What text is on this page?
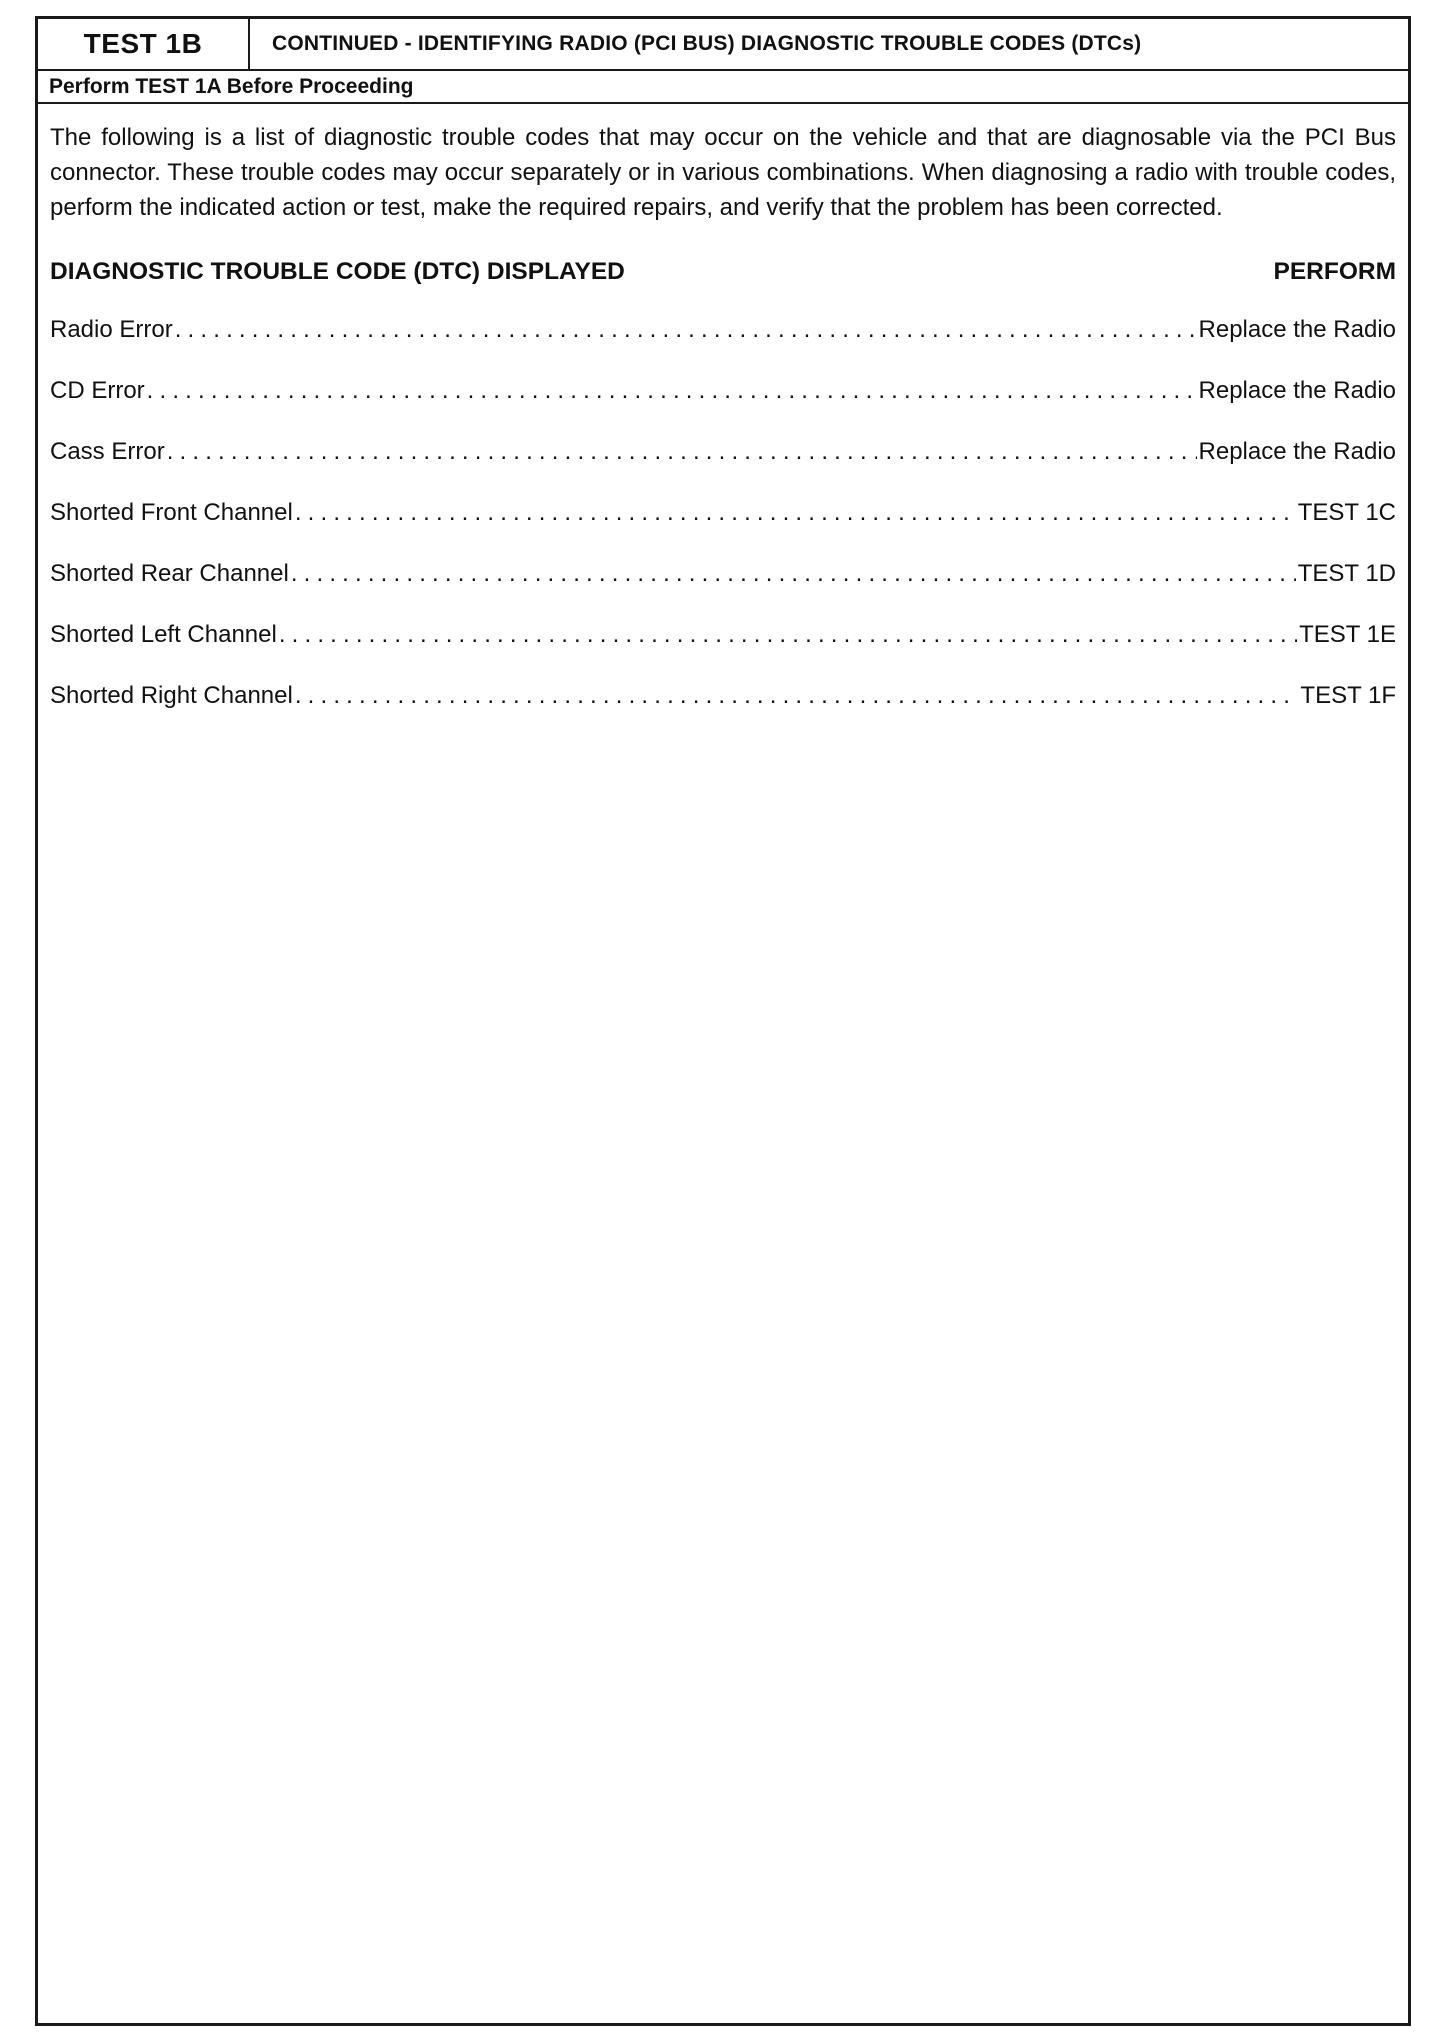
TEST 1B	CONTINUED - IDENTIFYING RADIO (PCI BUS) DIAGNOSTIC TROUBLE CODES (DTCs)
Perform TEST 1A Before Proceeding

The following is a list of diagnostic trouble codes that may occur on the vehicle and that are diagnosable via the PCI Bus connector. These trouble codes may occur separately or in various combinations. When diagnosing a radio with trouble codes, perform the indicated action or test, make the required repairs, and verify that the problem has been corrected.

DIAGNOSTIC TROUBLE CODE (DTC) DISPLAYED	PERFORM
Radio Error . . .	Replace the Radio
CD Error . . .	Replace the Radio
Cass Error . . .	Replace the Radio
Shorted Front Channel . . .	TEST 1C
Shorted Rear Channel . . .	TEST 1D
Shorted Left Channel . . .	TEST 1E
Shorted Right Channel . . .	TEST 1F
